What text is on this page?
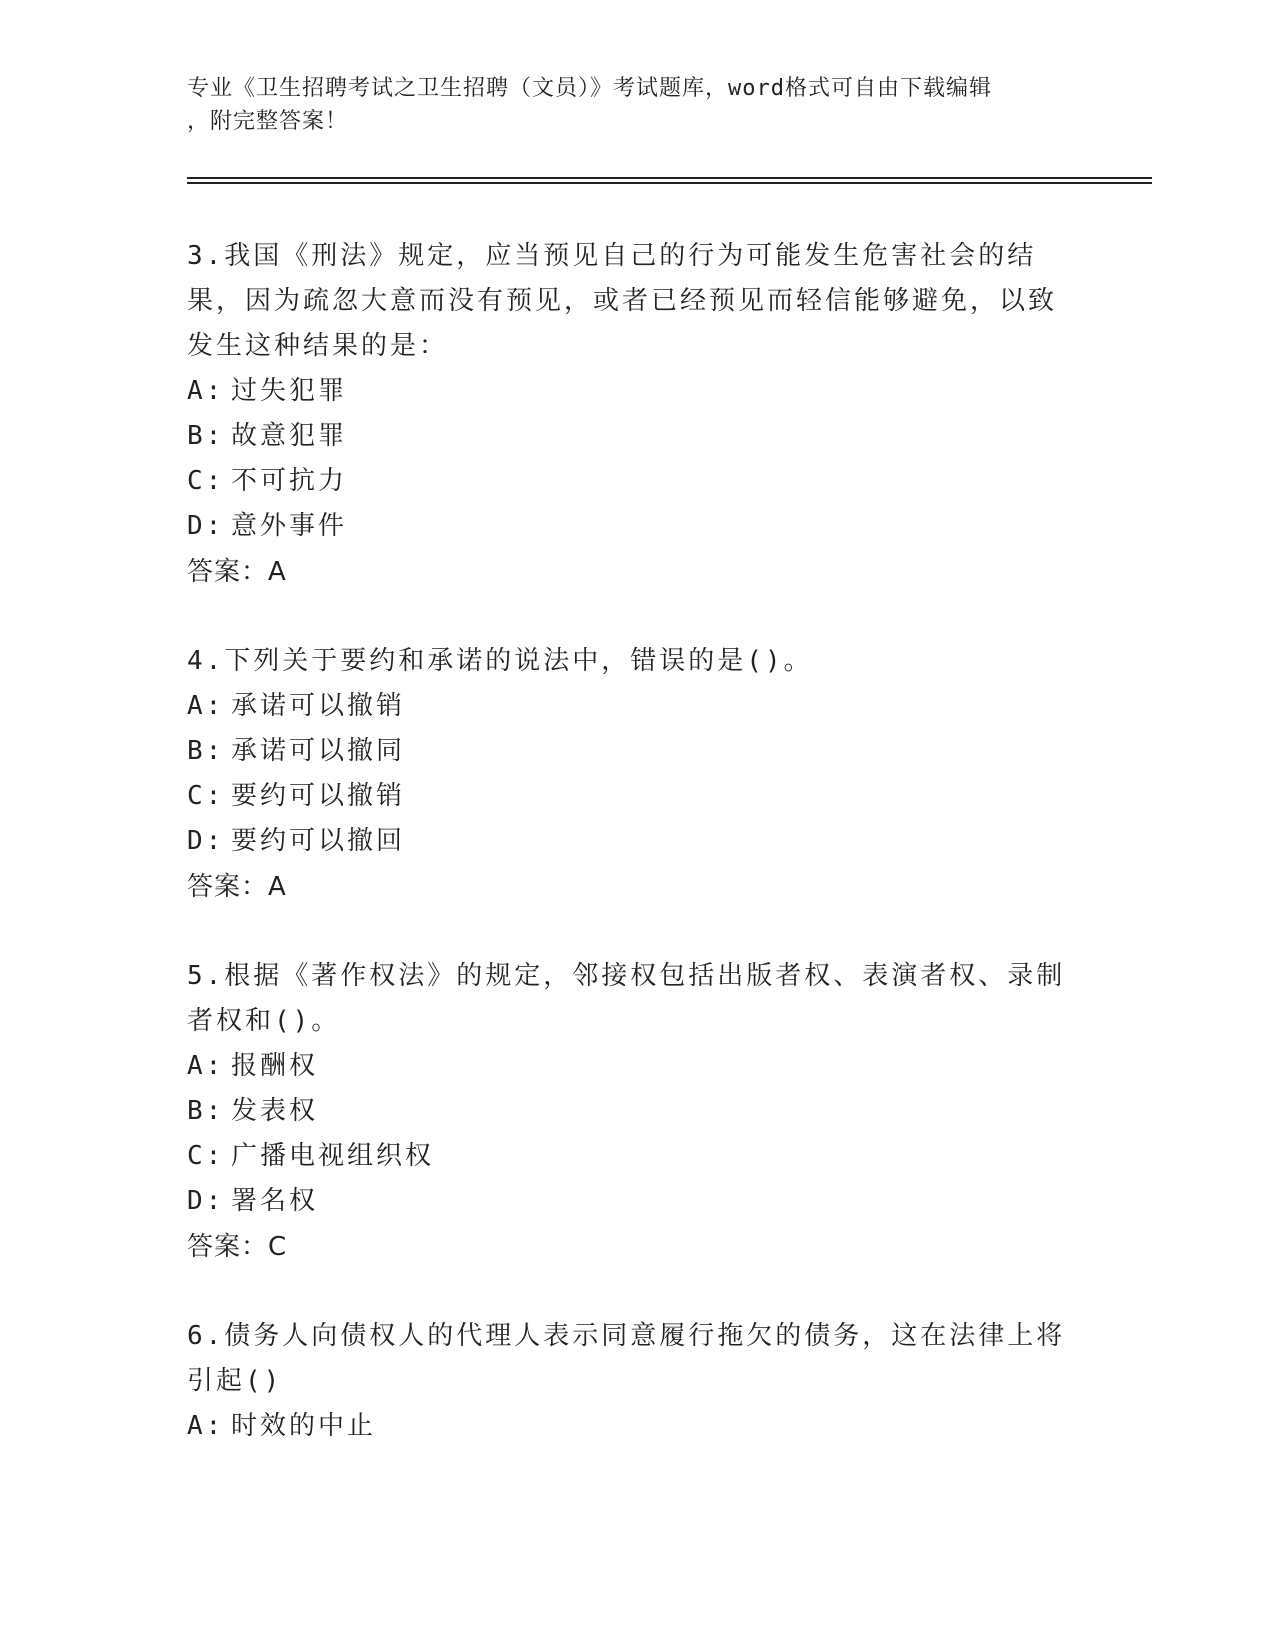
专业《卫生招聘考试之卫生招聘（文员）》考试题库，word格式可自由下载编辑
，附完整答案！
3.我国《刑法》规定，应当预见自己的行为可能发生危害社会的结果，因为疏忽大意而没有预见，或者已经预见而轻信能够避免，以致发生这种结果的是：
A: 过失犯罪
B: 故意犯罪
C: 不可抗力
D: 意外事件
答案：A
4.下列关于要约和承诺的说法中，错误的是()。
A: 承诺可以撤销
B: 承诺可以撤同
C: 要约可以撤销
D: 要约可以撤回
答案：A
5.根据《著作权法》的规定，邻接权包括出版者权、表演者权、录制者权和()。
A: 报酬权
B: 发表权
C: 广播电视组织权
D: 署名权
答案：C
6.债务人向债权人的代理人表示同意履行拖欠的债务，这在法律上将引起()
A: 时效的中止
